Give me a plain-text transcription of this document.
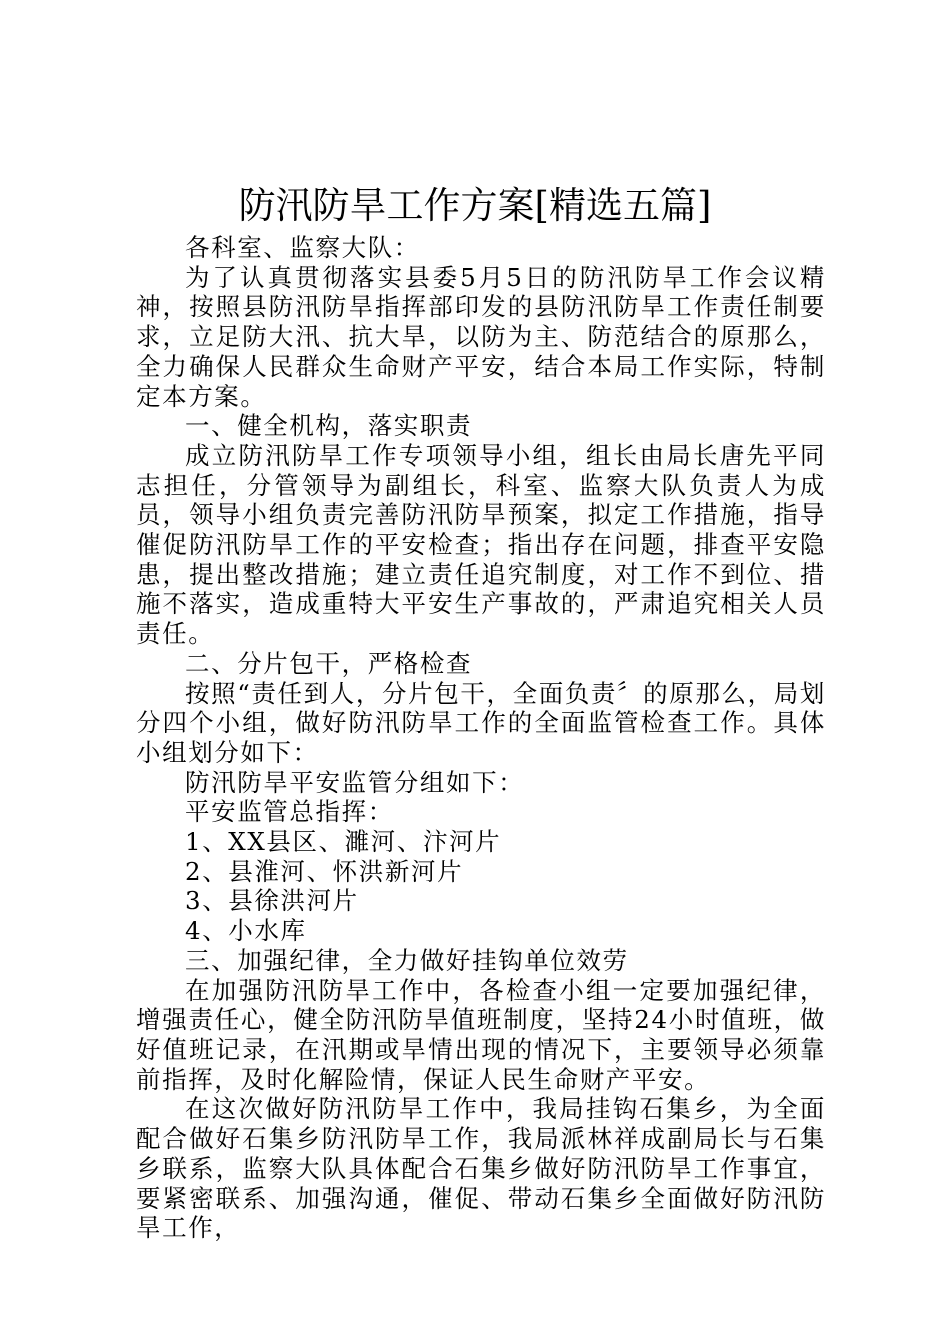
防汛防旱工作方案[精选五篇]

各科室、监察大队：

为了认真贯彻落实县委5月5日的防汛防旱工作会议精神，按照县防汛防旱指挥部印发的县防汛防旱工作责任制要求，立足防大汛、抗大旱，以防为主、防范结合的原那么，全力确保人民群众生命财产平安，结合本局工作实际，特制定本方案。

一、健全机构，落实职责

成立防汛防旱工作专项领导小组，组长由局长唐先平同志担任，分管领导为副组长，科室、监察大队负责人为成员，领导小组负责完善防汛防旱预案，拟定工作措施，指导催促防汛防旱工作的平安检查；指出存在问题，排查平安隐患，提出整改措施；建立责任追究制度，对工作不到位、措施不落实，造成重特大平安生产事故的，严肃追究相关人员责任。

二、分片包干，严格检查

按照“责任到人，分片包干，全面负责〞的原那么，局划分四个小组，做好防汛防旱工作的全面监管检查工作。具体小组划分如下：

防汛防旱平安监管分组如下：

平安监管总指挥：

1、XX县区、濉河、汴河片

2、县淮河、怀洪新河片

3、县徐洪河片

4、小水库

三、加强纪律，全力做好挂钩单位效劳

在加强防汛防旱工作中，各检查小组一定要加强纪律，增强责任心，健全防汛防旱值班制度，坚持24小时值班，做好值班记录，在汛期或旱情出现的情况下，主要领导必须靠前指挥，及时化解险情，保证人民生命财产平安。

在这次做好防汛防旱工作中，我局挂钩石集乡，为全面配合做好石集乡防汛防旱工作，我局派林祥成副局长与石集乡联系，监察大队具体配合石集乡做好防汛防旱工作事宜，要紧密联系、加强沟通，催促、带动石集乡全面做好防汛防旱工作，
